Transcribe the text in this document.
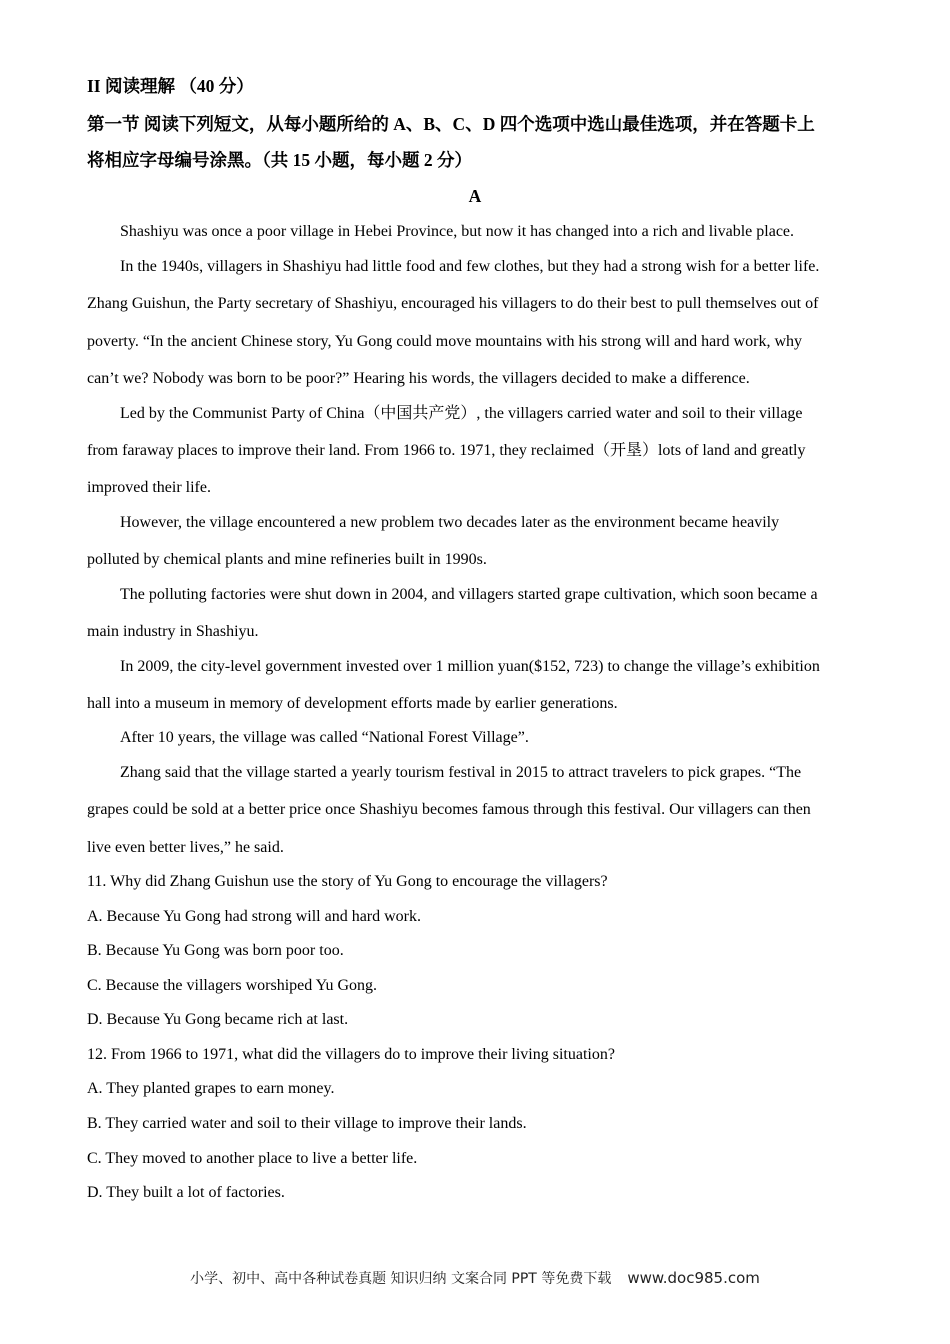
II 阅读理解 （40 分）
第一节 阅读下列短文，从每小题所给的 A、B、C、D 四个选项中选山最佳选项，并在答题卡上
将相应字母编号涂黑。（共 15 小题，每小题 2 分）
A
Shashiyu was once a poor village in Hebei Province, but now it has changed into a rich and livable place.
In the 1940s, villagers in Shashiyu had little food and few clothes, but they had a strong wish for a better life.
Zhang Guishun, the Party secretary of Shashiyu, encouraged his villagers to do their best to pull themselves out of
poverty. “In the ancient Chinese story, Yu Gong could move mountains with his strong will and hard work, why
can’t we? Nobody was born to be poor?” Hearing his words, the villagers decided to make a difference.
Led by the Communist Party of China（中国共产党）, the villagers carried water and soil to their village
from faraway places to improve their land. From 1966 to. 1971, they reclaimed（开垦）lots of land and greatly
improved their life.
However, the village encountered a new problem two decades later as the environment became heavily
polluted by chemical plants and mine refineries built in 1990s.
The polluting factories were shut down in 2004, and villagers started grape cultivation, which soon became a
main industry in Shashiyu.
In 2009, the city-level government invested over 1 million yuan($152, 723) to change the village’s exhibition
hall into a museum in memory of development efforts made by earlier generations.
After 10 years, the village was called “National Forest Village”.
Zhang said that the village started a yearly tourism festival in 2015 to attract travelers to pick grapes. “The
grapes could be sold at a better price once Shashiyu becomes famous through this festival. Our villagers can then
live even better lives,” he said.
11. Why did Zhang Guishun use the story of Yu Gong to encourage the villagers?
A. Because Yu Gong had strong will and hard work.
B. Because Yu Gong was born poor too.
C. Because the villagers worshiped Yu Gong.
D. Because Yu Gong became rich at last.
12. From 1966 to 1971, what did the villagers do to improve their living situation?
A. They planted grapes to earn money.
B. They carried water and soil to their village to improve their lands.
C. They moved to another place to live a better life.
D. They built a lot of factories.
小学、初中、高中各种试卷真题 知识归纳 文案合同 PPT 等免费下载 www.doc985.com
